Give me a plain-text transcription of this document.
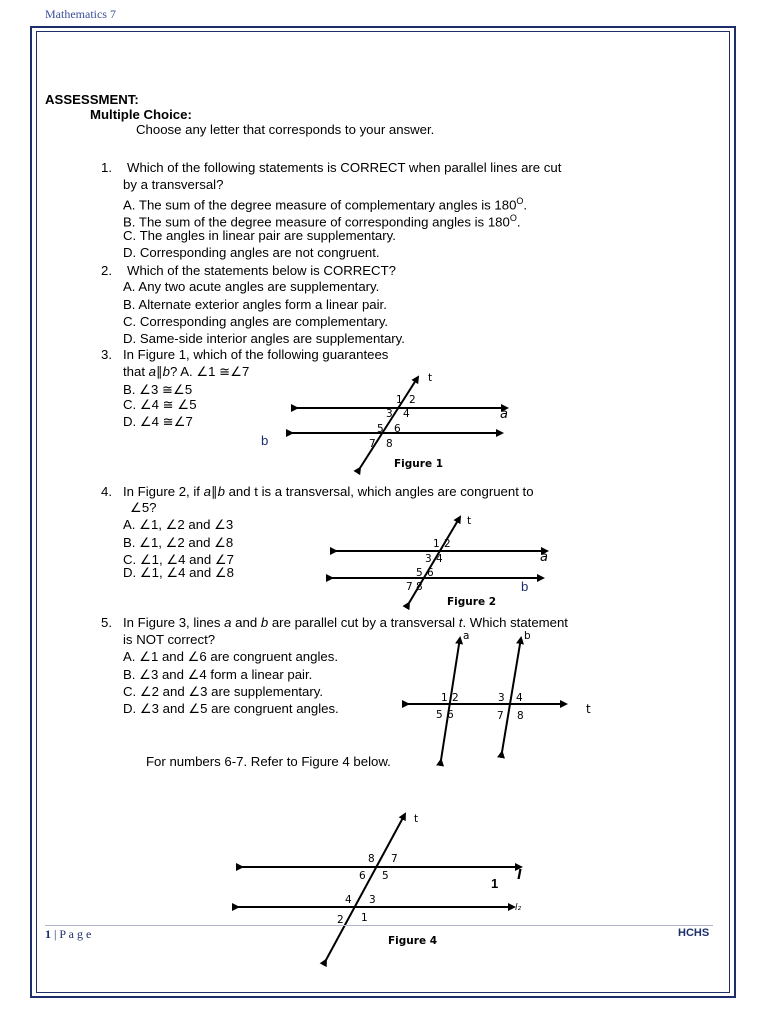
Mathematics 7
ASSESSMENT:
Multiple Choice:
Choose any letter that corresponds to your answer.
1. Which of the following statements is CORRECT when parallel lines are cut
by a transversal?
A. The sum of the degree measure of complementary angles is $180^O$.
B. The sum of the degree measure of corresponding angles is $180^O$.
C. The angles in linear pair are supplementary.
D. Corresponding angles are not congruent.
2. Which of the statements below is CORRECT?
A. Any two acute angles are supplementary.
B. Alternate exterior angles form a linear pair.
C. Corresponding angles are complementary.
D. Same-side interior angles are supplementary.
3. In Figure 1, which of the following guarantees
that a∥b? A. ∠1 ≅∠7
B. ∠3 ≅∠5
C. ∠4 ≅ ∠5
D. ∠4 ≅∠7
t
a
b
1 2
3 4
5 6
7 8
Figure 1
4. In Figure 2, if a∥b and t is a transversal, which angles are congruent to
∠5?
A. ∠1, ∠2 and ∠3
B. ∠1, ∠2 and ∠8
C. ∠1, ∠4 and ∠7
D. ∠1, ∠4 and ∠8
t
a
b
1 2
3 4
5 6
7 8
Figure 2
5. In Figure 3, lines a and b are parallel cut by a transversal t. Which statement
is NOT correct?
A. ∠1 and ∠6 are congruent angles.
B. ∠3 and ∠4 form a linear pair.
C. ∠2 and ∠3 are supplementary.
D. ∠3 and ∠5 are congruent angles.
a	b
t
1 2	3 4
5 6	7 8
For numbers 6-7. Refer to Figure 4 below.
t
l
1
l₂
8 7
6 5
4 3
2 1
Figure 4
1 | P a g e	HCHS
